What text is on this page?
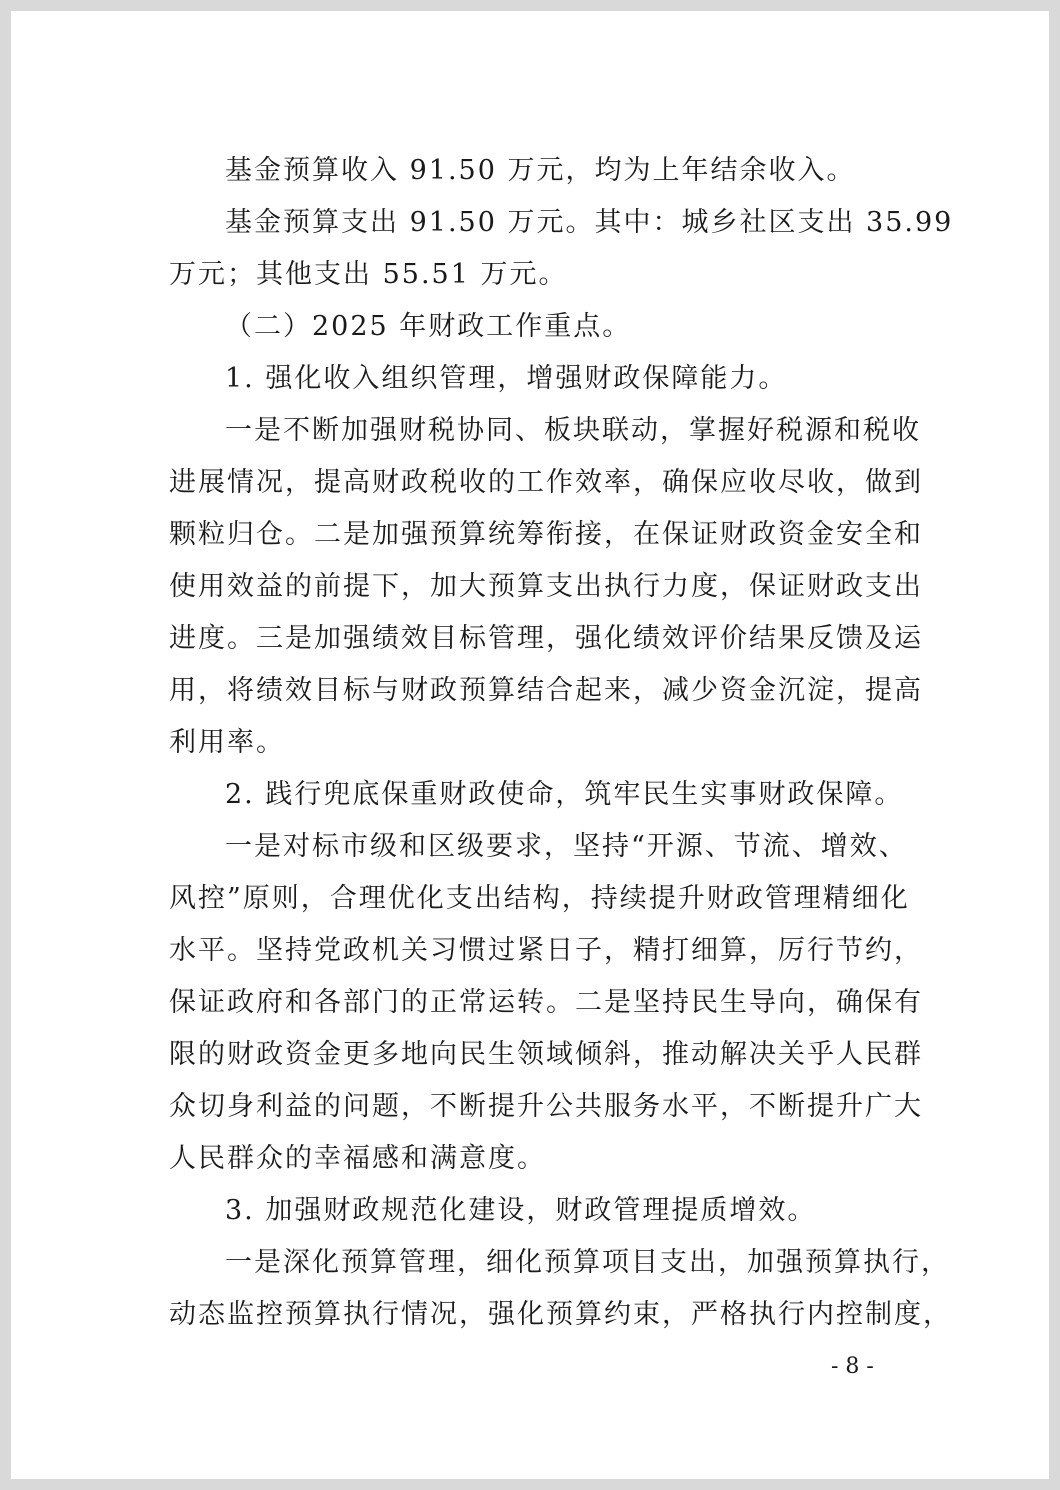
基金预算收入 91.50 万元，均为上年结余收入。
基金预算支出 91.50 万元。其中：城乡社区支出 35.99
万元；其他支出 55.51 万元。
（二）2025 年财政工作重点。
1. 强化收入组织管理，增强财政保障能力。
一是不断加强财税协同、板块联动，掌握好税源和税收
进展情况，提高财政税收的工作效率，确保应收尽收，做到
颗粒归仓。二是加强预算统筹衔接，在保证财政资金安全和
使用效益的前提下，加大预算支出执行力度，保证财政支出
进度。三是加强绩效目标管理，强化绩效评价结果反馈及运
用，将绩效目标与财政预算结合起来，减少资金沉淀，提高
利用率。
2. 践行兜底保重财政使命，筑牢民生实事财政保障。
一是对标市级和区级要求，坚持“开源、节流、增效、
风控”原则，合理优化支出结构，持续提升财政管理精细化
水平。坚持党政机关习惯过紧日子，精打细算，厉行节约，
保证政府和各部门的正常运转。二是坚持民生导向，确保有
限的财政资金更多地向民生领域倾斜，推动解决关乎人民群
众切身利益的问题，不断提升公共服务水平，不断提升广大
人民群众的幸福感和满意度。
3. 加强财政规范化建设，财政管理提质增效。
一是深化预算管理，细化预算项目支出，加强预算执行，
动态监控预算执行情况，强化预算约束，严格执行内控制度，
- 8 -
